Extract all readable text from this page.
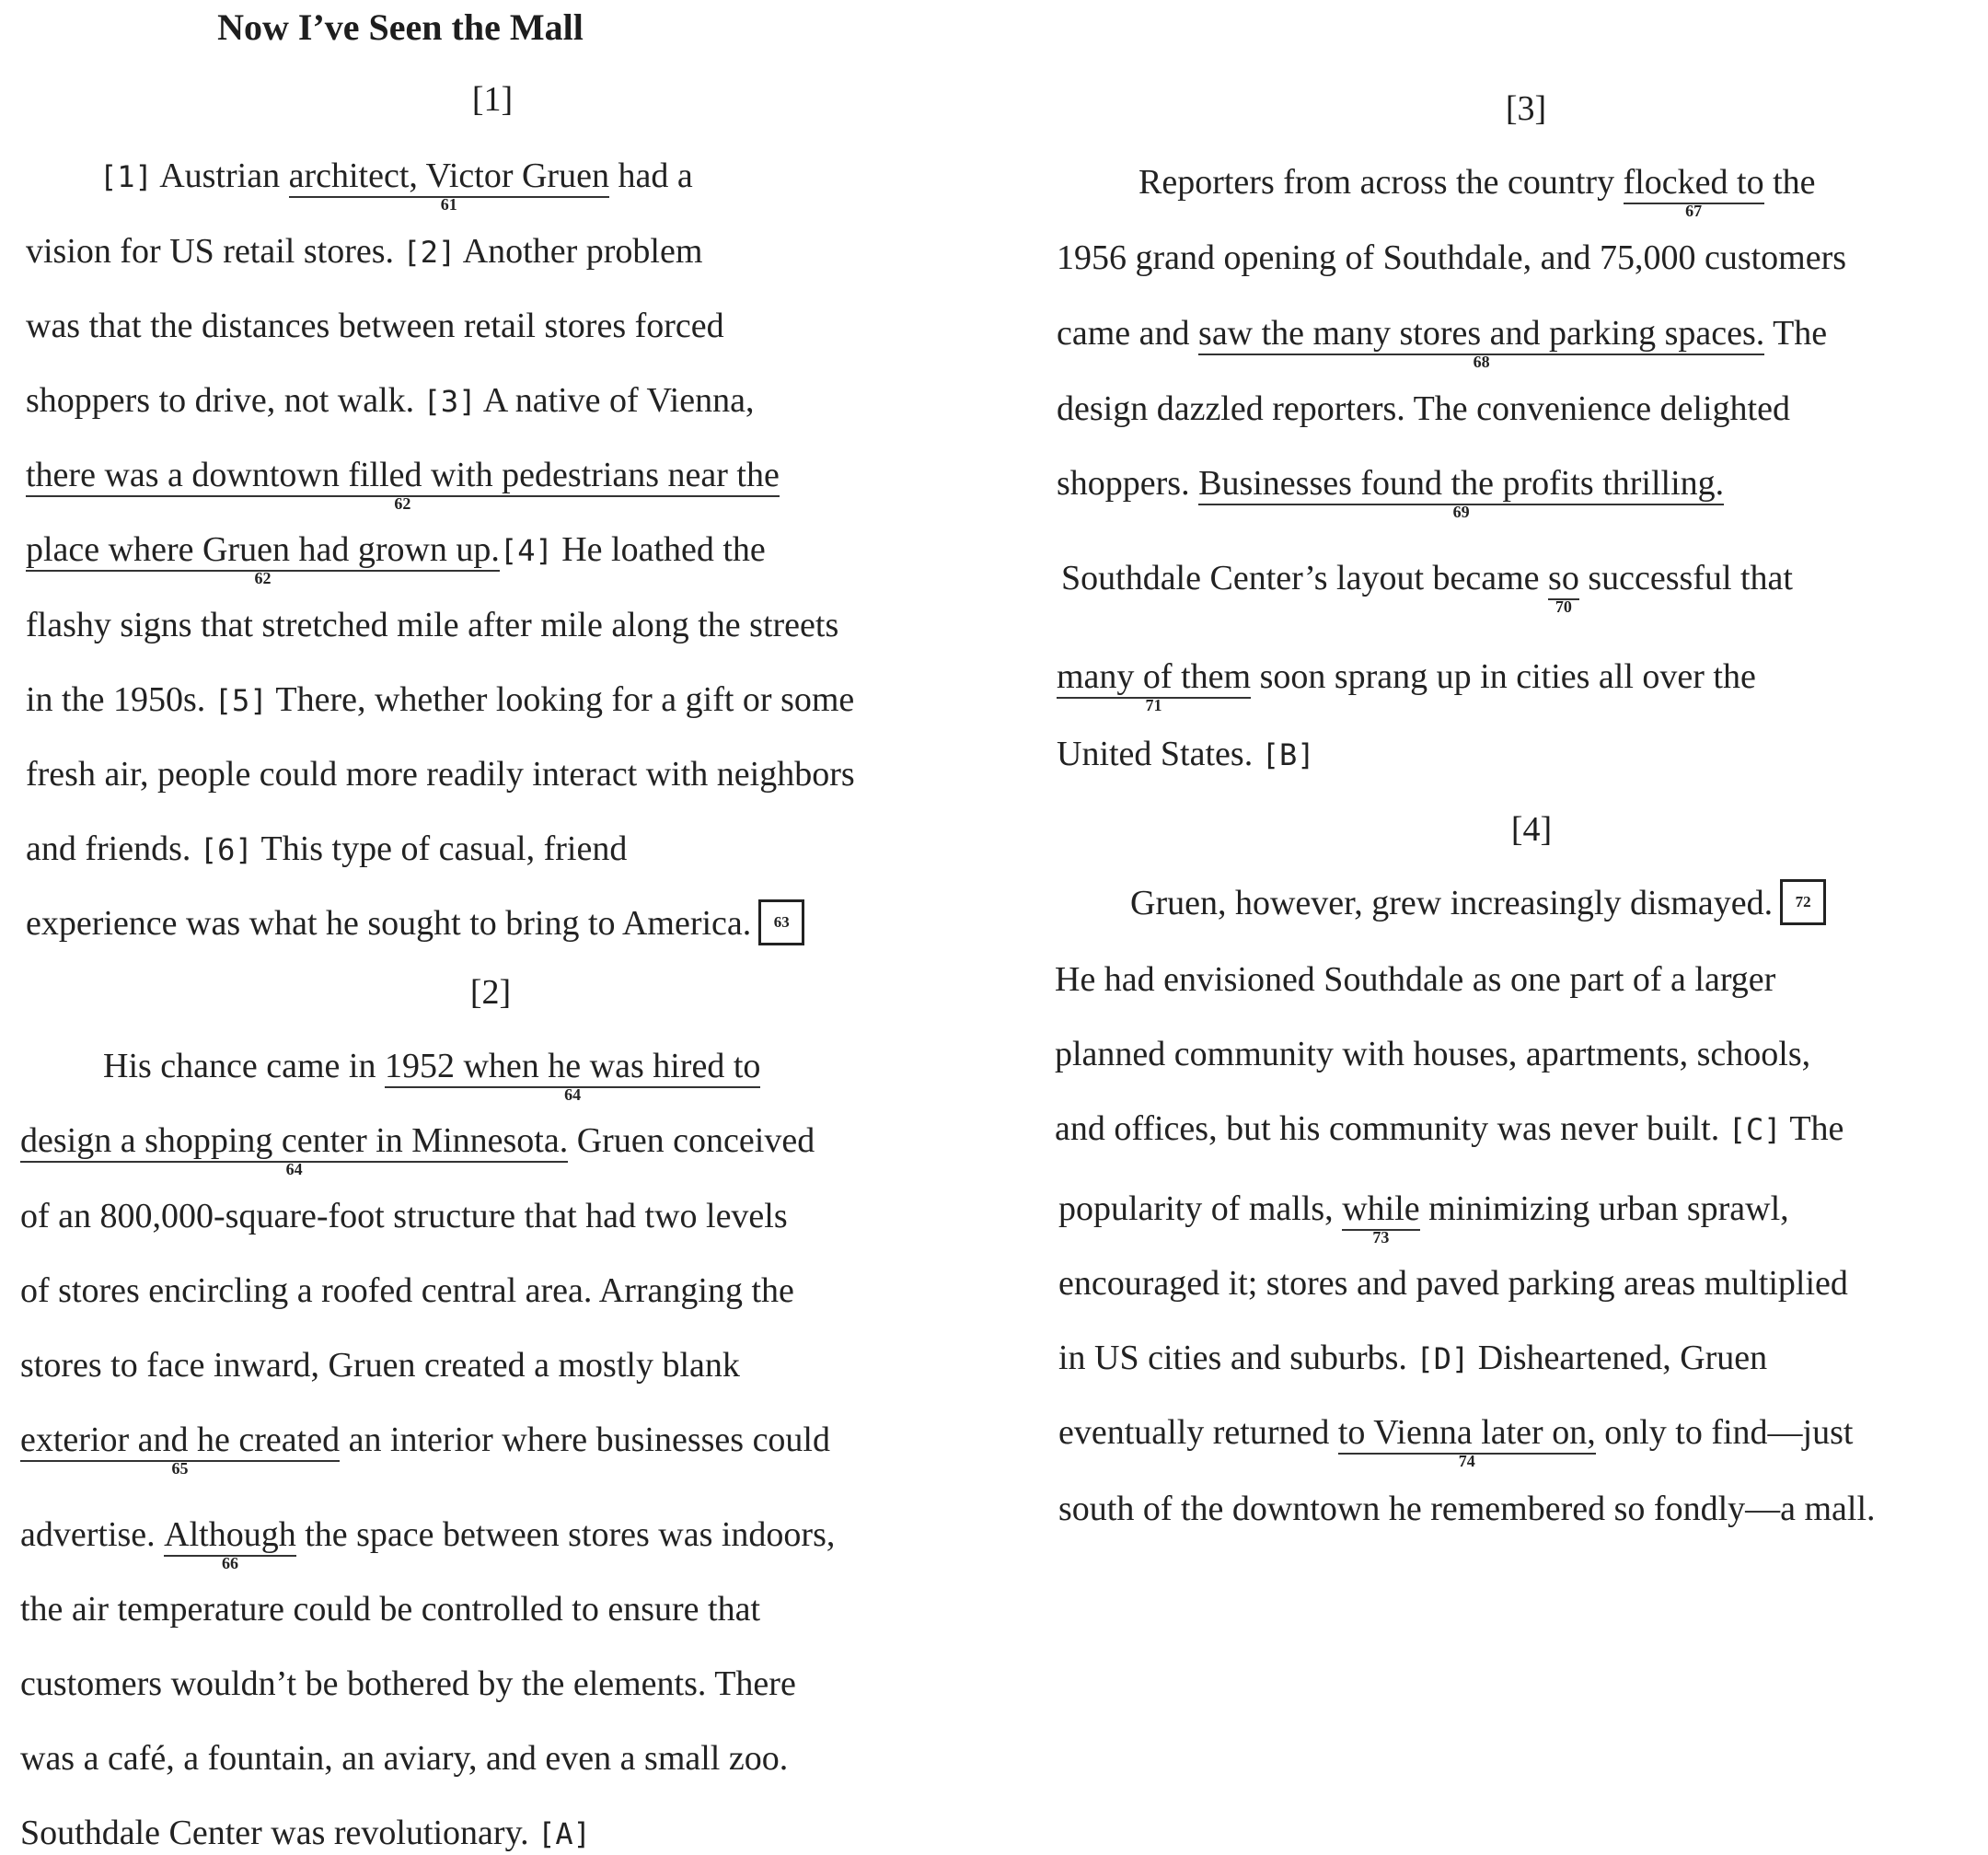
Now I’ve Seen the Mall
[1]
[1] Austrian architect, Victor Gruen
61
had a
vision for US retail stores. [2] Another problem
was that the distances between retail stores forced
shoppers to drive, not walk. [3] A native of Vienna,
there was a downtown filled with pedestrians near the
62
place where Gruen had grown up.
62
[4] He loathed the
flashy signs that stretched mile after mile along the streets
in the 1950s. [5] There, whether looking for a gift or some
fresh air, people could more readily interact with neighbors
and friends. [6] This type of casual, friend
experience was what he sought to bring to America. 63
[2]
His chance came in 1952 when he was hired to
64
design a shopping center in Minnesota.
64
Gruen conceived
of an 800,000-square-foot structure that had two levels
of stores encircling a roofed central area. Arranging the
stores to face inward, Gruen created a mostly blank
exterior and he created
65
an interior where businesses could
advertise. Although
66
the space between stores was indoors,
the air temperature could be controlled to ensure that
customers wouldn’t be bothered by the elements. There
was a café, a fountain, an aviary, and even a small zoo.
Southdale Center was revolutionary. [A]
[3]
Reporters from across the country flocked to
67
the
1956 grand opening of Southdale, and 75,000 customers
came and saw the many stores and parking spaces.
68
The
design dazzled reporters. The convenience delighted
shoppers. Businesses found the profits thrilling.
69
Southdale Center’s layout became so
70
successful that
many of them
71
soon sprang up in cities all over the
United States. [B]
[4]
Gruen, however, grew increasingly dismayed. 72
He had envisioned Southdale as one part of a larger
planned community with houses, apartments, schools,
and offices, but his community was never built. [C] The
popularity of malls, while
73
minimizing urban sprawl,
encouraged it; stores and paved parking areas multiplied
in US cities and suburbs. [D] Disheartened, Gruen
eventually returned to Vienna later on,
74
only to find—just
south of the downtown he remembered so fondly—a mall.
